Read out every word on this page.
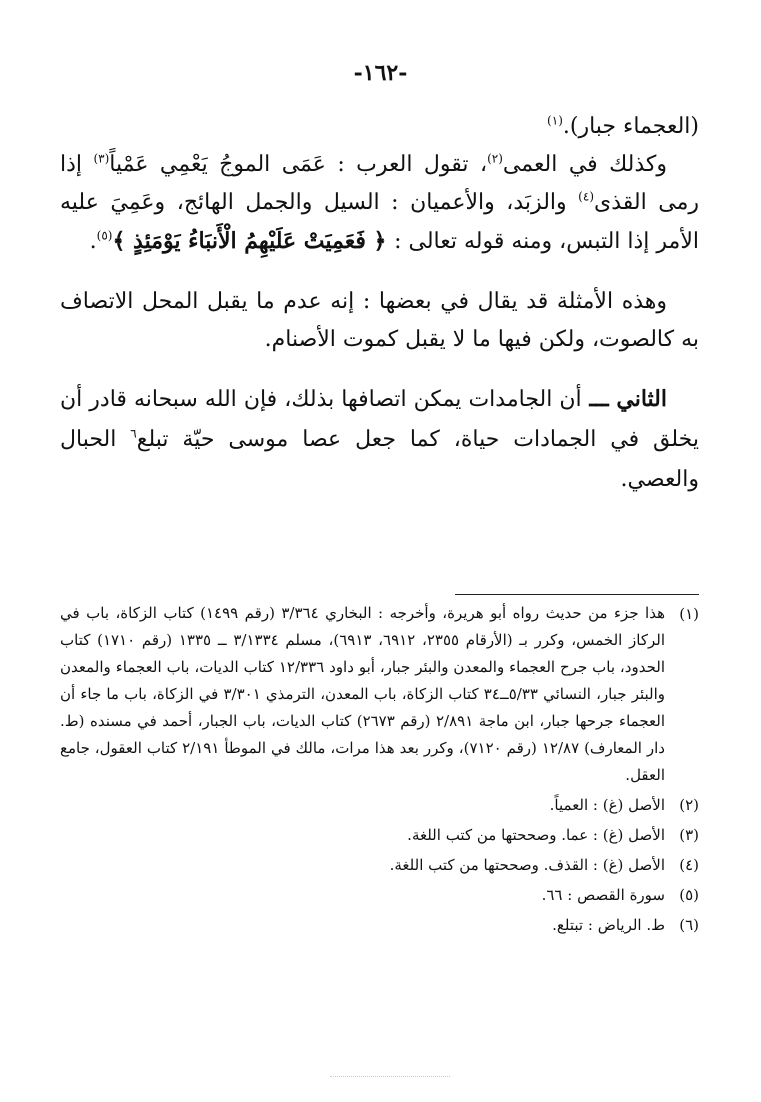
-١٦٢-

(العجماء جبار).$^{(١)}$

وكذلك في العمى$^{(٢)}$، تقول العرب : عَمَى الموجُ يَعْمِي عَمْياً$^{(٣)}$ إذا رمى القذى$^{(٤)}$ والزبَد، والأعميان : السيل والجمل الهائج، وعَمِيَ عليه الأمر إذا التبس، ومنه قوله تعالى : ﴿ فَعَمِيَتْ عَلَيْهِمُ الْأَنبَاءُ يَوْمَئِذٍ ﴾$^{(٥)}$.

وهذه الأمثلة قد يقال في بعضها : إنه عدم ما يقبل المحل الاتصاف به كالصوت، ولكن فيها ما لا يقبل كموت الأصنام.

الثاني ـــ أن الجامدات يمكن اتصافها بذلك، فإن الله سبحانه قادر أن يخلق في الجمادات حياة، كما جعل عصا موسى حيّة تبلع$^٦$ الحبال والعصي.

(١)
هذا جزء من حديث رواه أبو هريرة، وأخرجه : البخاري ٣/٣٦٤ (رقم ١٤٩٩) كتاب الزكاة، باب في الركاز الخمس، وكرر بـ (الأرقام ٢٣٥٥، ٦٩١٢، ٦٩١٣)، مسلم ٣/١٣٣٤ ــ ١٣٣٥ (رقم ١٧١٠) كتاب الحدود، باب جرح العجماء والمعدن والبئر جبار، أبو داود ١٢/٣٣٦ كتاب الديات، باب العجماء والمعدن والبئر جبار، النسائي ٥/٣٣ــ٣٤ كتاب الزكاة، باب المعدن، الترمذي ٣/٣٠١ في الزكاة، باب ما جاء أن العجماء جرحها جبار، ابن ماجة ٢/٨٩١ (رقم ٢٦٧٣) كتاب الديات، باب الجبار، أحمد في مسنده (ط. دار المعارف) ١٢/٨٧ (رقم ٧١٢٠)، وكرر بعد هذا مرات، مالك في الموطأ ٢/١٩١ كتاب العقول، جامع العقل.

(٢)
الأصل (غ) : العمياً.

(٣)
الأصل (غ) : عما. وصححتها من كتب اللغة.

(٤)
الأصل (غ) : القذف. وصححتها من كتب اللغة.

(٥)
سورة القصص : ٦٦.

(٦)
ط. الرياض : تبتلع.
